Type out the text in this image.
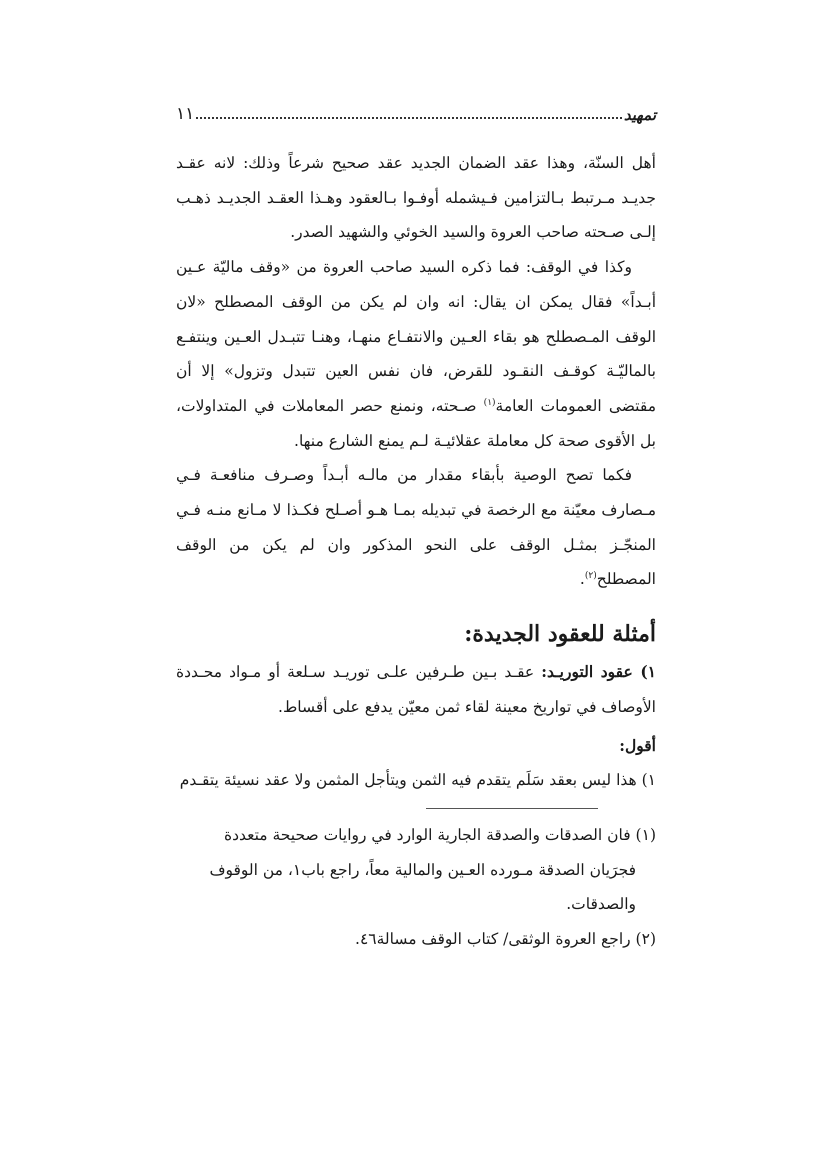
تمهيد
١١

أهل السنّة، وهذا عقد الضمان الجديد عقد صحيح شرعاً وذلك: لانه عقـد جديـد مـرتبط بـالتزامين فـيشمله أوفـوا بـالعقود وهـذا العقـد الجديـد ذهـب إلـى صـحته صاحب العروة والسيد الخوئي والشهيد الصدر.

وكذا في الوقف: فما ذكره السيد صاحب العروة من «وقف ماليّة عـين أبـداً» فقال يمكن ان يقال: انه وان لم يكن من الوقف المصطلح «لان الوقف المـصطلح هو بقاء العـين والانتفـاع منهـا، وهنـا تتبـدل العـين وينتفـع بالماليّـة كوقـف النقـود للقرض، فان نفس العين تتبدل وتزول» إلا أن مقتضى العمومات العامة$^{(١)}$ صـحته، ونمنع حصر المعاملات في المتداولات، بل الأقوى صحة كل معاملة عقلائيـة لـم يمنع الشارع منها.

فكما تصح الوصية بأبقاء مقدار من مالـه أبـداً وصـرف منافعـة فـي مـصارف معيّنة مع الرخصة في تبديله بمـا هـو أصـلح فكـذا لا مـانع منـه فـي المنجّـز بمثـل الوقف على النحو المذكور وان لم يكن من الوقف المصطلح$^{(٢)}$.

أمثلة للعقود الجديدة:

١) عقود التوريـد: عقـد بـين طـرفين علـى توريـد سـلعة أو مـواد محـددة الأوصاف في تواريخ معينة لقاء ثمن معيّن يدفع على أقساط.

أقول:

١) هذا ليس بعقد سَلَم يتقدم فيه الثمن ويتأجل المثمن ولا عقد نسيئة يتقـدم

(١) فان الصدقات والصدقة الجارية الوارد في روايات صحيحة متعددة فجرَيان الصدقة مـورده العـين والمالية معاً، راجع باب١، من الوقوف والصدقات.

(٢) راجع العروة الوثقى/ كتاب الوقف مسالة٤٦.
